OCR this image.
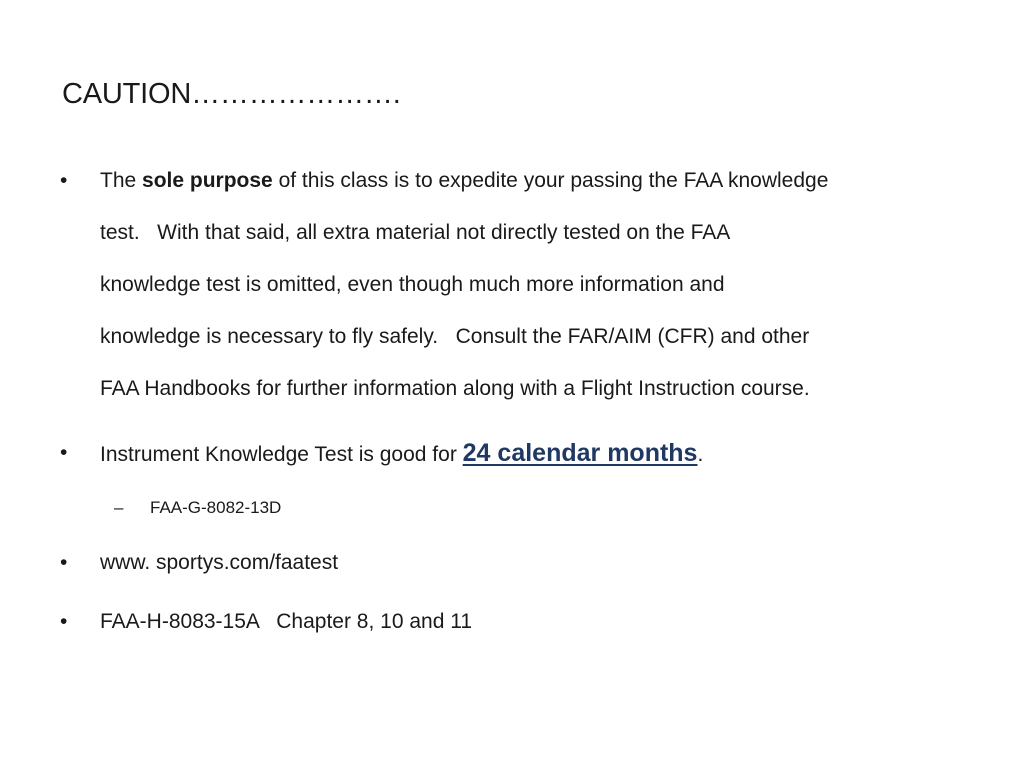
CAUTION………………….
• The sole purpose of this class is to expedite your passing the FAA knowledge
test.   With that said, all extra material not directly tested on the FAA
knowledge test is omitted, even though much more information and
knowledge is necessary to fly safely.   Consult the FAR/AIM (CFR) and other
FAA Handbooks for further information along with a Flight Instruction course.
• Instrument Knowledge Test is good for 24 calendar months.
– FAA-G-8082-13D
• www. sportys.com/faatest
• FAA-H-8083-15A   Chapter 8, 10 and 11
